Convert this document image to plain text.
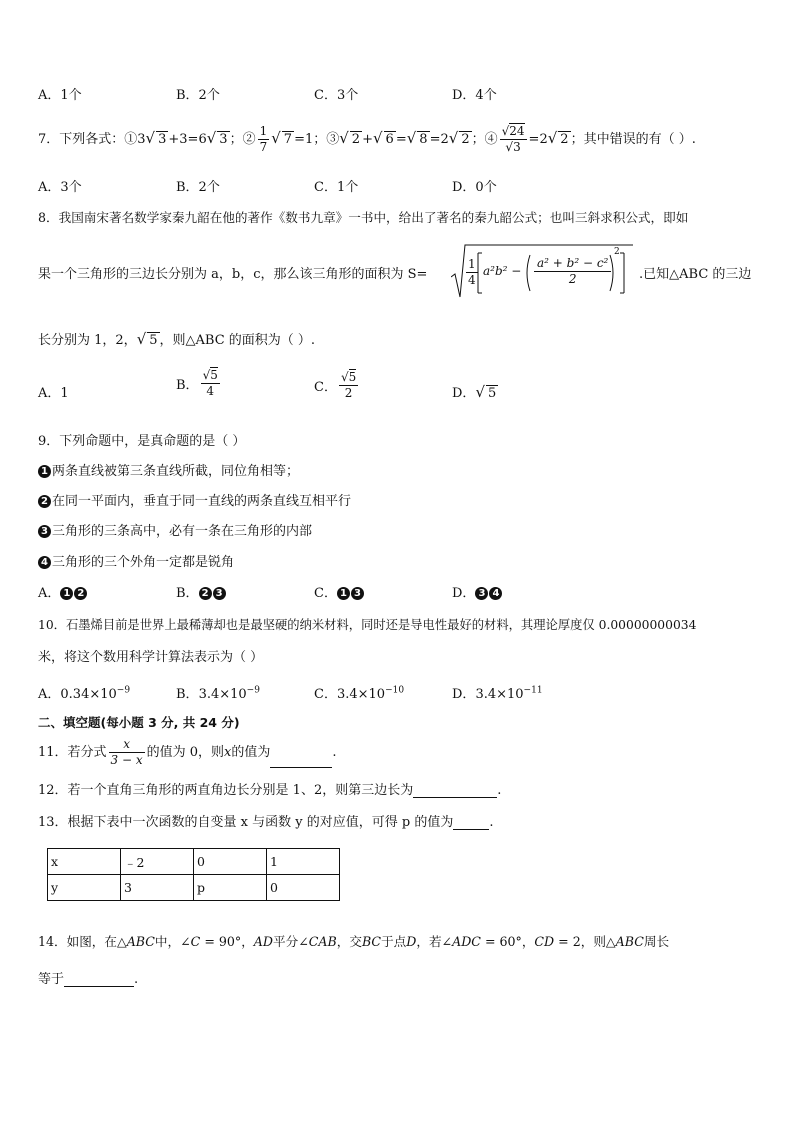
A．1个	B．2个	C．3个	D．4个
7．下列各式：①3√ 3 +3=6√ 3 ；② $\frac{1}{7}$ √ 7 =1；③√ 2 +√ 6 =√ 8 =2√ 2 ；④ $\frac{√24}{√3} =2√$ 2 ；其中错误的有（ ）.
A．3个	B．2个	C．1个	D．0个
8．我国南宋著名数学家秦九韶在他的著作《数书九章》一书中，给出了著名的秦九韶公式；也叫三斜求积公式，即如
果一个三角形的三边长分别为 a，b，c，那么该三角形的面积为 S=	$\frac{1}{4} a^2b^2 - \frac{\text{a² + b² − c²}}{2}$
2
.已知△ABC 的三边
长分别为 1，2，√ 5 ，则△ABC 的面积为（ ）.
A．1
B． $\frac{√5}{4}$	C． $\frac{√5}{2}$	D．√ 5
9．下列命题中，是真命题的是（ ）
1 两条直线被第三条直线所截，同位角相等；
2 在同一平面内，垂直于同一直线的两条直线互相平行
3 三角形的三条高中，必有一条在三角形的内部
4 三角形的三个外角一定都是锐角
A． 1 2	B． 2 3	C． 1 3	D． 3 4
10．石墨烯目前是世界上最稀薄却也是最坚硬的纳米材料，同时还是导电性最好的材料，其理论厚度仅 0.00000000034
米，将这个数用科学计算法表示为（ ）
A．$0.34\times 10^{-9}$	B．$3.4\times 10^{-9}$	C．$3.4\times 10^{-10}$	D．$3.4\times 10^{-11}$
二、填空题(每小题 3 分, 共 24 分)
11．若分式 $\frac{x}{3 - x}$ 的值为 0，则x的值为	.
12．若一个直角三角形的两直角边长分别是 1、2，则第三边长为	.
13．根据下表中一次函数的自变量 x 与函数 y 的对应值，可得 p 的值为	.
x	﹣2	0	1
y	3	p	0
14．如图，在△ABC中，∠C = 90°，AD平分∠CAB，交BC于点D，若∠ADC = 60°，CD = 2，则△ABC周长
等于	.
